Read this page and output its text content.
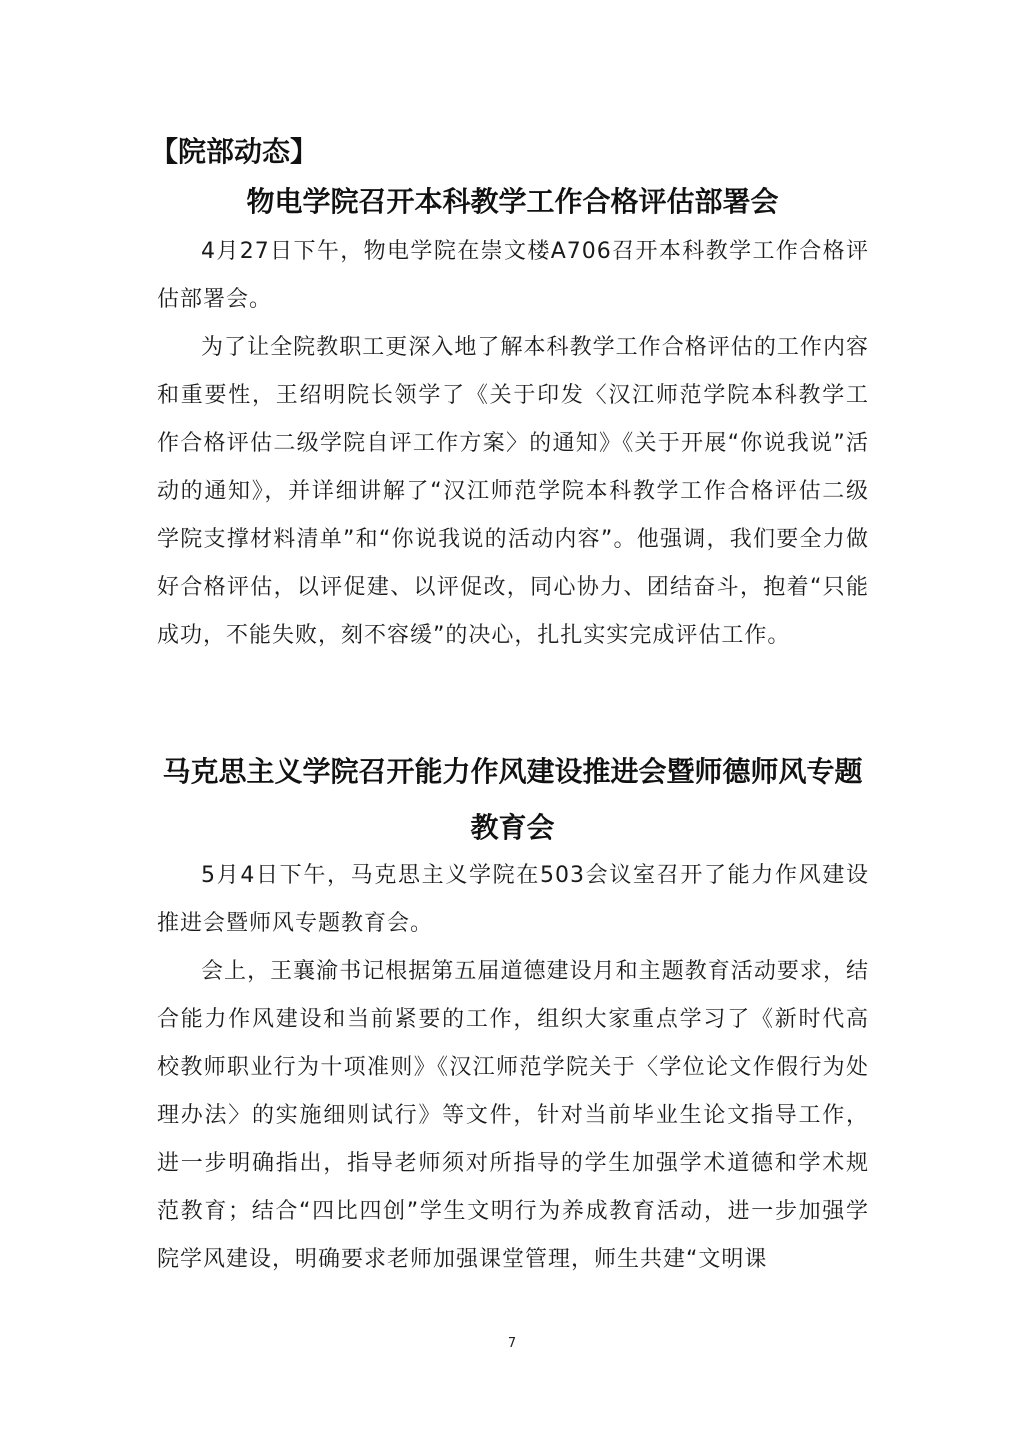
【院部动态】
物电学院召开本科教学工作合格评估部署会

4月27日下午，物电学院在崇文楼A706召开本科教学工作合格评估部署会。

为了让全院教职工更深入地了解本科教学工作合格评估的工作内容和重要性，王绍明院长领学了《关于印发〈汉江师范学院本科教学工作合格评估二级学院自评工作方案〉的通知》《关于开展“你说我说”活动的通知》，并详细讲解了“汉江师范学院本科教学工作合格评估二级学院支撑材料清单”和“你说我说的活动内容”。他强调，我们要全力做好合格评估，以评促建、以评促改，同心协力、团结奋斗，抱着“只能成功，不能失败，刻不容缓”的决心，扎扎实实完成评估工作。

马克思主义学院召开能力作风建设推进会暨师德师风专题教育会

5月4日下午，马克思主义学院在503会议室召开了能力作风建设推进会暨师风专题教育会。

会上，王襄渝书记根据第五届道德建设月和主题教育活动要求，结合能力作风建设和当前紧要的工作，组织大家重点学习了《新时代高校教师职业行为十项准则》《汉江师范学院关于〈学位论文作假行为处理办法〉的实施细则试行》等文件，针对当前毕业生论文指导工作，进一步明确指出，指导老师须对所指导的学生加强学术道德和学术规范教育；结合“四比四创”学生文明行为养成教育活动，进一步加强学院学风建设，明确要求老师加强课堂管理，师生共建“文明课

7
